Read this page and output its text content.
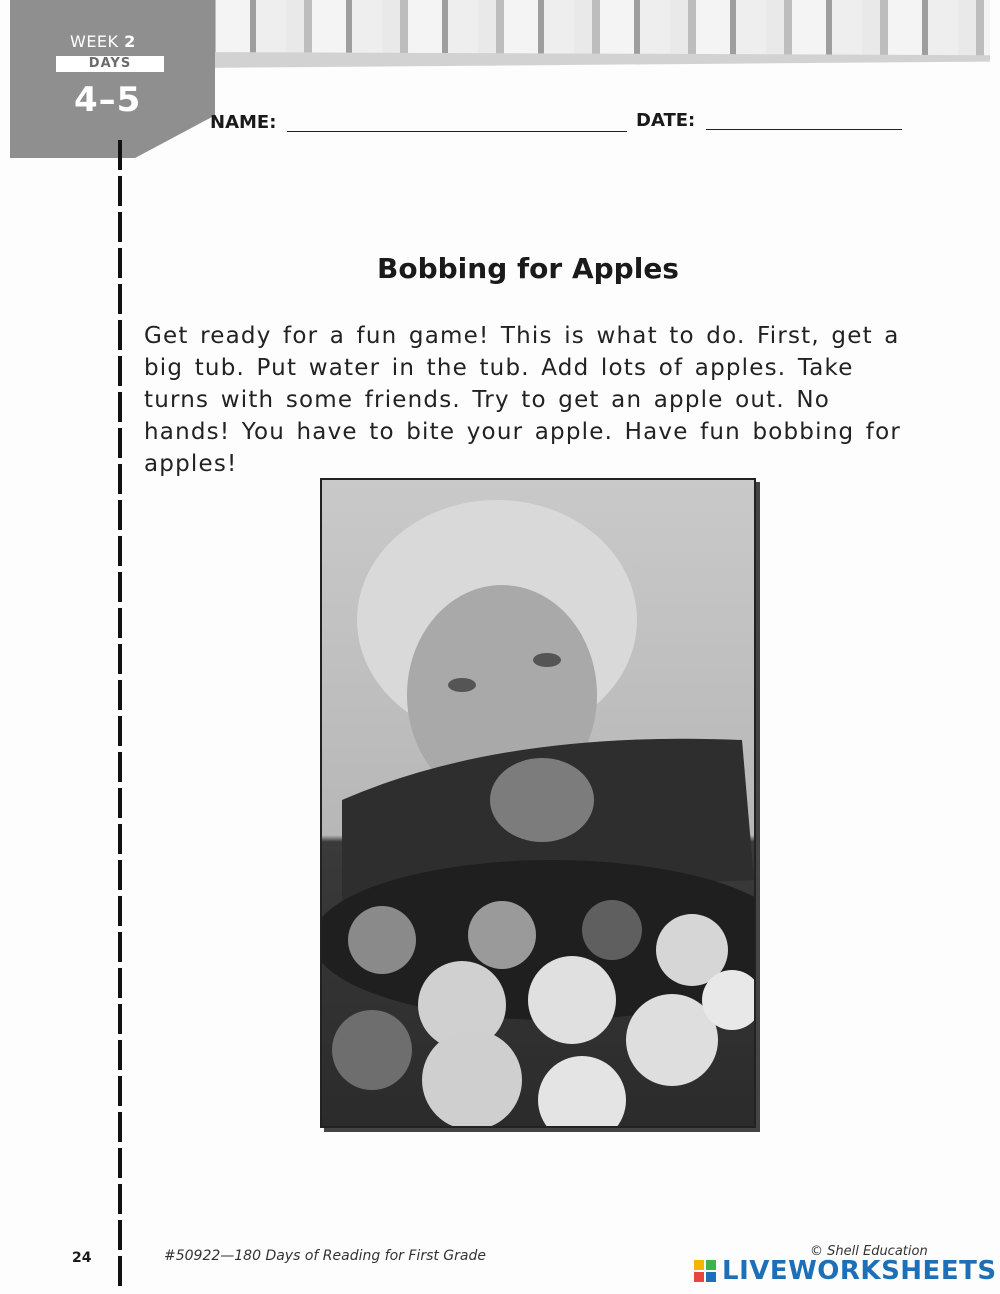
WEEK 2
DAYS
4–5
NAME:	DATE:
Bobbing for Apples
Get ready for a fun game! This is what to do. First, get a big tub. Put water in the tub. Add lots of apples. Take turns with some friends. Try to get an apple out. No hands! You have to bite your apple. Have fun bobbing for apples!
24	#50922—180 Days of Reading for First Grade	© Shell Education
LIVEWORKSHEETS
